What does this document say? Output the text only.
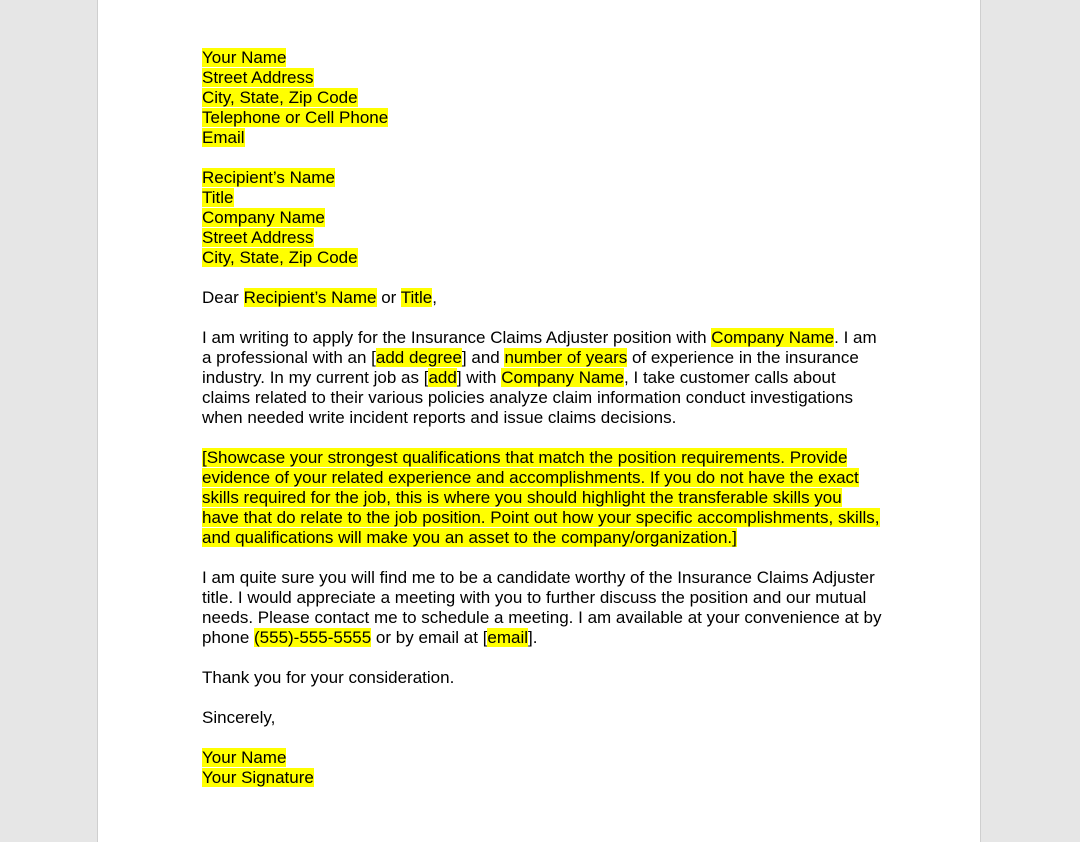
Your Name
Street Address
City, State, Zip Code
Telephone or Cell Phone
Email
Recipient’s Name
Title
Company Name
Street Address
City, State, Zip Code
Dear Recipient’s Name or Title,
I am writing to apply for the Insurance Claims Adjuster position with Company Name. I am a professional with an [add degree] and number of years of experience in the insurance industry. In my current job as [add] with Company Name, I take customer calls about claims related to their various policies analyze claim information conduct investigations when needed write incident reports and issue claims decisions.
[Showcase your strongest qualifications that match the position requirements. Provide evidence of your related experience and accomplishments. If you do not have the exact skills required for the job, this is where you should highlight the transferable skills you have that do relate to the job position. Point out how your specific accomplishments, skills, and qualifications will make you an asset to the company/organization.]
I am quite sure you will find me to be a candidate worthy of the Insurance Claims Adjuster title. I would appreciate a meeting with you to further discuss the position and our mutual needs. Please contact me to schedule a meeting. I am available at your convenience at by phone (555)-555-5555 or by email at [email].
Thank you for your consideration.
Sincerely,
Your Name
Your Signature
